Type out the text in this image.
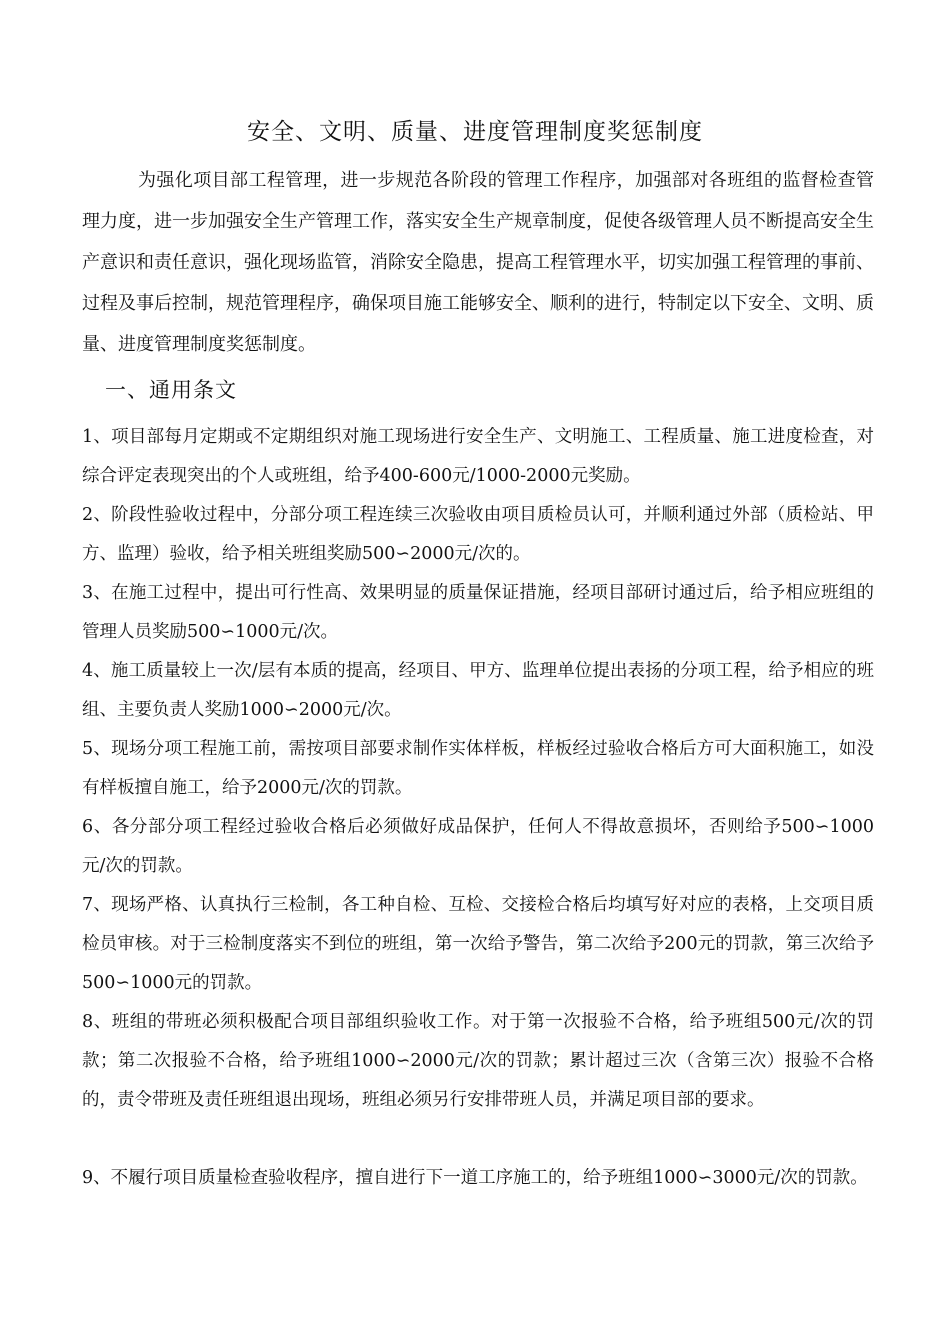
安全、文明、质量、进度管理制度奖惩制度

为强化项目部工程管理，进一步规范各阶段的管理工作程序，加强部对各班组的监督检查管理力度，进一步加强安全生产管理工作，落实安全生产规章制度，促使各级管理人员不断提高安全生产意识和责任意识，强化现场监管，消除安全隐患，提高工程管理水平，切实加强工程管理的事前、过程及事后控制，规范管理程序，确保项目施工能够安全、顺利的进行，特制定以下安全、文明、质量、进度管理制度奖惩制度。

一、通用条文

1、项目部每月定期或不定期组织对施工现场进行安全生产、文明施工、工程质量、施工进度检查，对综合评定表现突出的个人或班组，给予400-600元/1000-2000元奖励。

2、阶段性验收过程中，分部分项工程连续三次验收由项目质检员认可，并顺利通过外部（质检站、甲方、监理）验收，给予相关班组奖励500∽2000元/次的。

3、在施工过程中，提出可行性高、效果明显的质量保证措施，经项目部研讨通过后，给予相应班组的管理人员奖励500∽1000元/次。

4、施工质量较上一次/层有本质的提高，经项目、甲方、监理单位提出表扬的分项工程，给予相应的班组、主要负责人奖励1000∽2000元/次。

5、现场分项工程施工前，需按项目部要求制作实体样板，样板经过验收合格后方可大面积施工，如没有样板擅自施工，给予2000元/次的罚款。

6、各分部分项工程经过验收合格后必须做好成品保护，任何人不得故意损坏，否则给予500∽1000元/次的罚款。

7、现场严格、认真执行三检制，各工种自检、互检、交接检合格后均填写好对应的表格，上交项目质检员审核。对于三检制度落实不到位的班组，第一次给予警告，第二次给予200元的罚款，第三次给予500∽1000元的罚款。

8、班组的带班必须积极配合项目部组织验收工作。对于第一次报验不合格，给予班组500元/次的罚款；第二次报验不合格，给予班组1000∽2000元/次的罚款；累计超过三次（含第三次）报验不合格的，责令带班及责任班组退出现场，班组必须另行安排带班人员，并满足项目部的要求。

9、不履行项目质量检查验收程序，擅自进行下一道工序施工的，给予班组1000∽3000元/次的罚款。
